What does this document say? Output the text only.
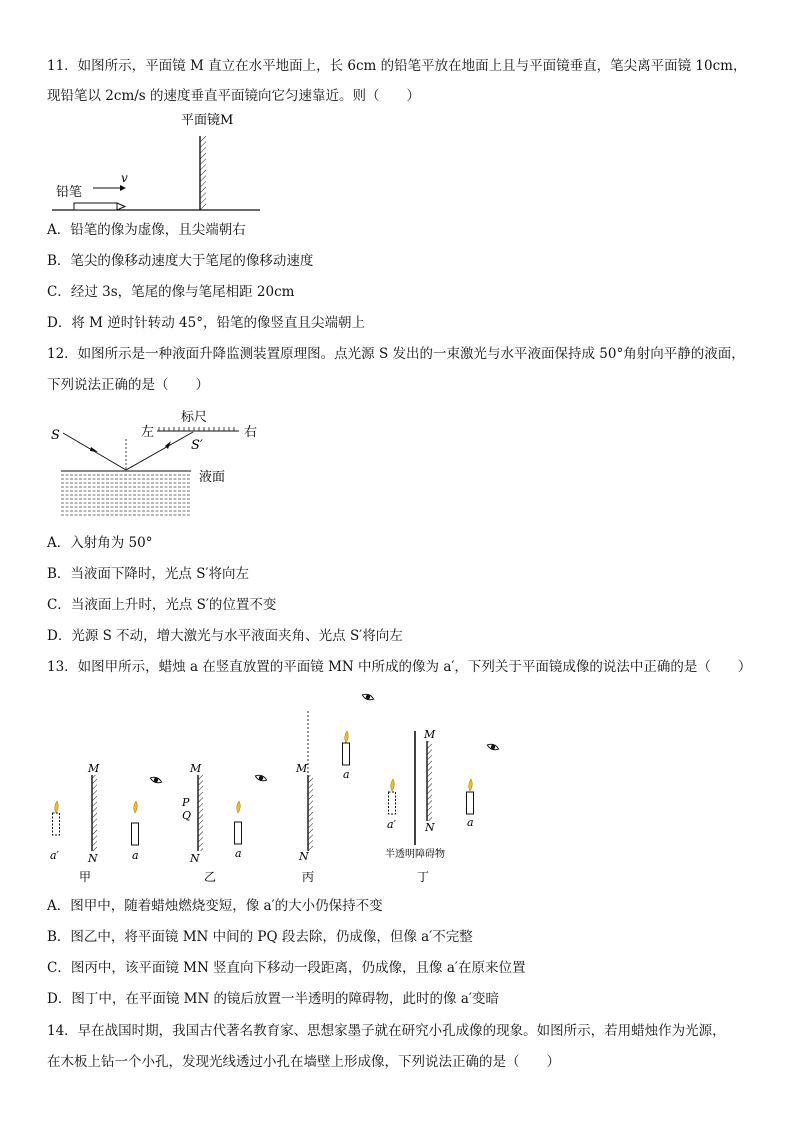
11．如图所示，平面镜 M 直立在水平地面上，长 6cm 的铅笔平放在地面上且与平面镜垂直，笔尖离平面镜 10cm，
现铅笔以 2cm/s 的速度垂直平面镜向它匀速靠近。则（　　）
平面镜M
铅笔
v
A．铅笔的像为虚像，且尖端朝右
B．笔尖的像移动速度大于笔尾的像移动速度
C．经过 3s，笔尾的像与笔尾相距 20cm
D．将 M 逆时针转动 45°，铅笔的像竖直且尖端朝上
12．如图所示是一种液面升降监测装置原理图。点光源 S 发出的一束激光与水平液面保持成 50°角射向平静的液面，
下列说法正确的是（　　）
标尺
左	右
S
S′
液面
A．入射角为 50°
B．当液面下降时，光点 S′将向左
C．当液面上升时，光点 S′的位置不变
D．光源 S 不动，增大激光与水平液面夹角、光点 S′将向左
13．如图甲所示，蜡烛 a 在竖直放置的平面镜 MN 中所成的像为 a′，下列关于平面镜成像的说法中正确的是（　　）
a′
M
N	a
甲
M
P
Q
N	a
乙
M
N
a
丙
a′
M
N
半透明障碍物
a
丁
A．图甲中，随着蜡烛燃烧变短，像 a′的大小仍保持不变
B．图乙中，将平面镜 MN 中间的 PQ 段去除，仍成像，但像 a′不完整
C．图丙中，该平面镜 MN 竖直向下移动一段距离，仍成像，且像 a′在原来位置
D．图丁中，在平面镜 MN 的镜后放置一半透明的障碍物，此时的像 a′变暗
14．早在战国时期，我国古代著名教育家、思想家墨子就在研究小孔成像的现象。如图所示，若用蜡烛作为光源，
在木板上钻一个小孔，发现光线透过小孔在墙壁上形成像，下列说法正确的是（　　）
